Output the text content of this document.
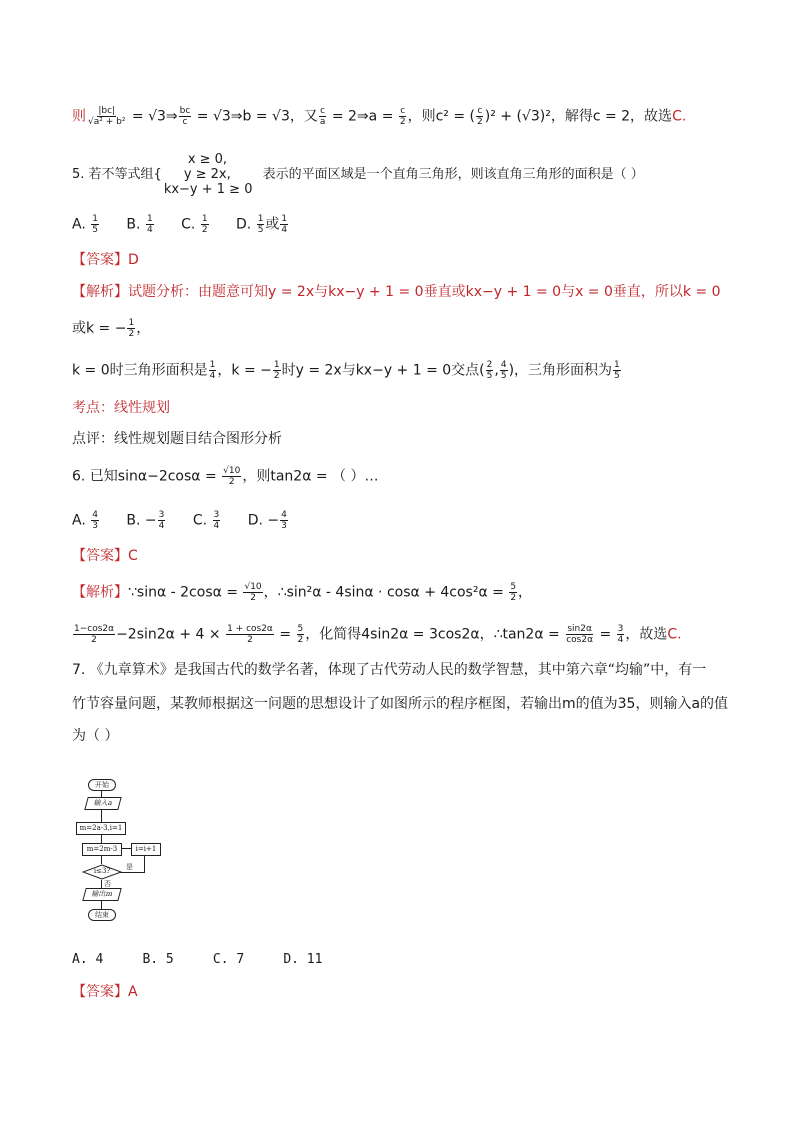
则 $\frac{|bc|}{\text{√a² + b²}}$ = √3⇒ $\frac{bc}{c}$ = √3⇒b = √3，又 $\frac{c}{a}$ = 2⇒a = $\frac{c}{2}$ ，则c² = ( $\frac{c}{2} )^2 + (√3)^2$，解得c = 2，故选C.
5. 若不等式组{
x ≥ 0,
y ≥ 2x,
kx−y + 1 ≥ 0
表示的平面区域是一个直角三角形，则该直角三角形的面积是（ ）
A. $\frac{1}{5} B$. $\frac{1}{4} C$. $\frac{1}{2} D$. $\frac{1}{5}$ 或 $\frac{1}{4}$
【答案】D
【解析】试题分析：由题意可知y = 2x与kx−y + 1 = 0垂直或kx−y + 1 = 0与x = 0垂直，所以k = 0
或k = − $\frac{1}{2}$ ，
k = 0时三角形面积是 $\frac{1}{4}$ ，k = − $\frac{1}{2}$ 时y = 2x与kx−y + 1 = 0交点( $\frac{2}{5}$ , $\frac{4}{5}$ )，三角形面积为 $\frac{1}{5}$
考点：线性规划
点评：线性规划题目结合图形分析
6. 已知$\sin\alpha-2\cos\alpha = \frac{√10}{2}$ ，则tan2α = （ ）…
A. $\frac{4}{3} B$. − $\frac{3}{4} C$. $\frac{3}{4} D$. − $\frac{4}{3}$
【答案】C
【解析】∵sinα - $2\cos\alpha = \frac{√10}{2}$ ，∴sin²α - $4\sin\alpha \cdot \cos\alpha + 4\cos^2\alpha = \frac{5}{2}$ ，
$\frac{1-\cos 2\alpha}{2} -2\sin 2\alpha + 4 \times \frac{1 + \cos 2\alpha}{2} = \frac{5}{2}$ ，化简得4sin2α = 3cos2α，∴tan2α = $\frac{\sin 2\alpha}{\cos 2\alpha} = \frac{3}{4}$ ，故选C.
7. 《九章算术》是我国古代的数学名著，体现了古代劳动人民的数学智慧，其中第六章“均输”中，有一
竹节容量问题，某教师根据这一问题的思想设计了如图所示的程序框图，若输出m的值为35，则输入a的值
为（ ）
开始
输入a
m=2a-3,i=1
m=2m-3	i=i+1
i≤3?	是
否
输出m
结束
A. 4     B. 5     C. 7     D. 11
【答案】A
